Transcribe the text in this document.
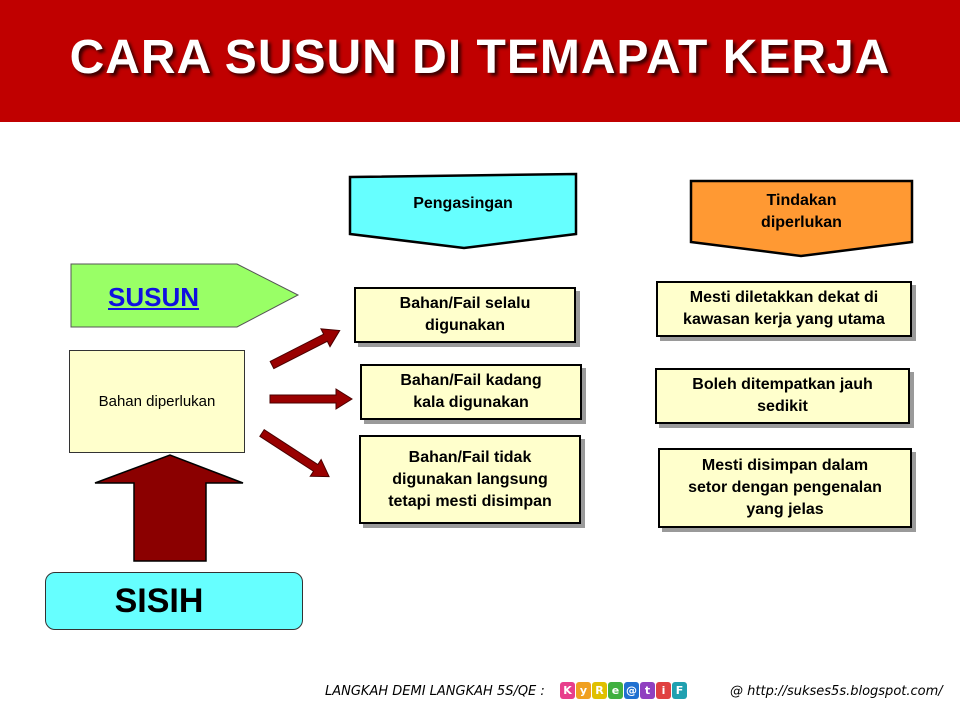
CARA SUSUN DI TEMAPAT KERJA
Pengasingan	Tindakan
diperlukan
SUSUN
Bahan diperlukan
SISIH
Bahan/Fail selalu
digunakan
Bahan/Fail kadang
kala digunakan
Bahan/Fail tidak
digunakan langsung
tetapi mesti disimpan
Mesti diletakkan dekat di
kawasan kerja yang utama
Boleh ditempatkan jauh
sedikit
Mesti disimpan dalam
setor dengan pengenalan
yang jelas
LANGKAH DEMI LANGKAH 5S/QE : K y R e @ t	i F	@ http://sukses5s.blogspot.com/
